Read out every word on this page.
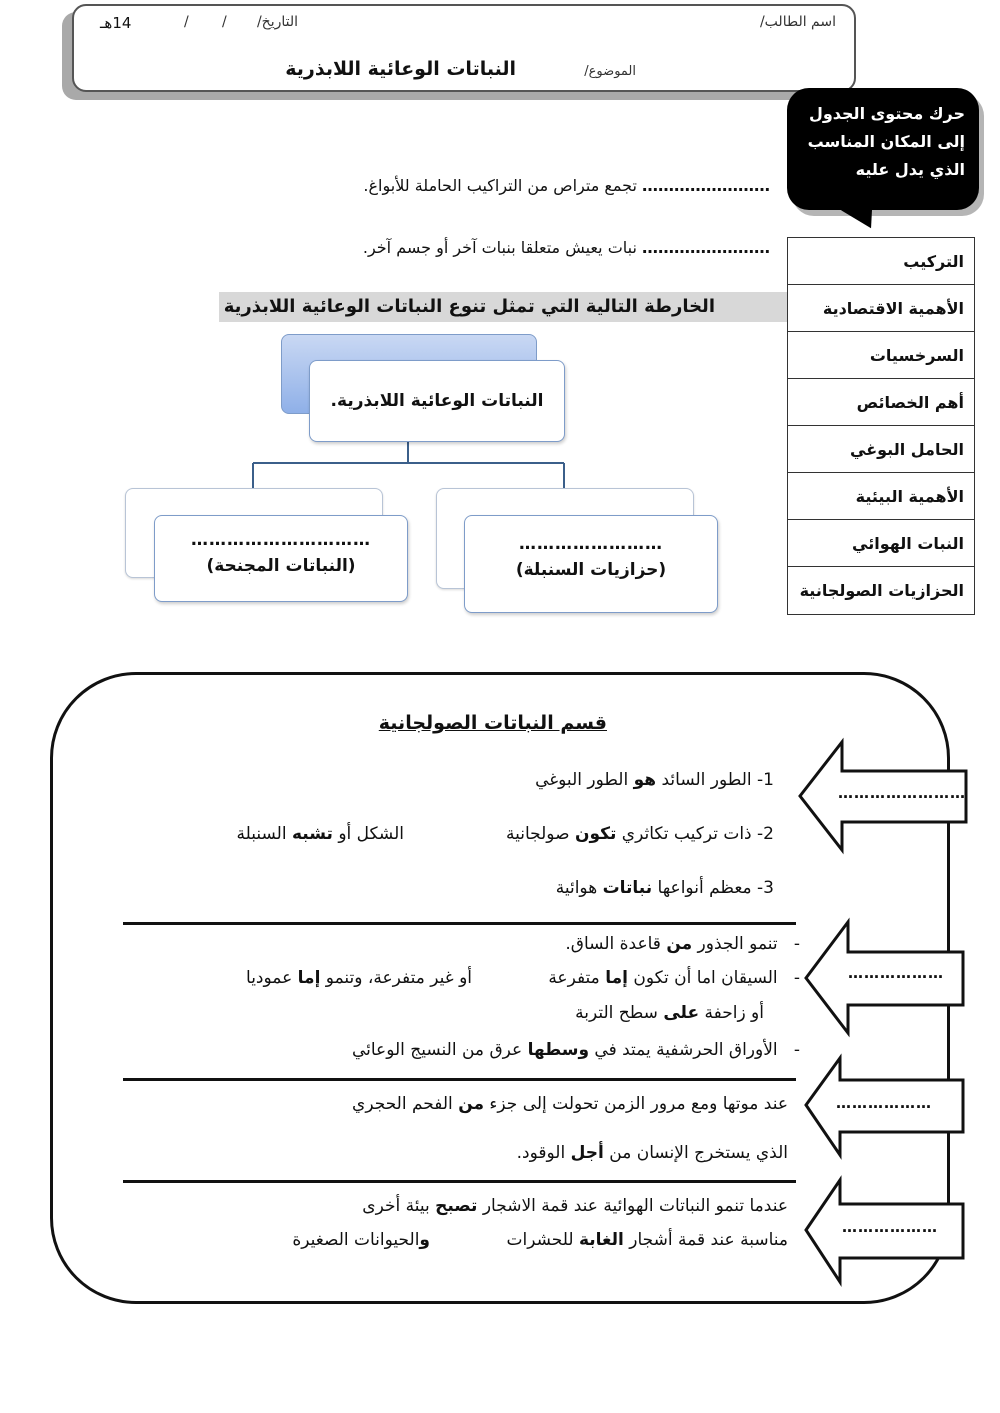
اسم الطالب/
التاريخ/
/
/
14هـ
الموضوع/
النباتات الوعائية اللابذرية
حرك محتوى الجدول
إلى المكان المناسب
الذي يدل عليه
التركيب
الأهمية الاقتصادية
السرخسيات
أهم الخصائص
الحامل البوغي
الأهمية البيئية
النبات الهوائي
الحزازيات الصولجانية
…………………… تجمع متراص من التراكيب الحاملة للأبواغ.
…………………… نبات يعيش متعلقا بنبات آخر أو جسم آخر.
الخارطة التالية التي تمثل تنوع النباتات الوعائية اللابذرية
النباتات الوعائية اللابذرية.
…………………………
(النباتات المجنحة)
……………………
(حزازيات السنبلة)
قسم النباتات الصولجانية
……………………
………………
………………
………………
1- الطور السائد هو الطور البوغي
2- ذات تركيب تكاثري تكون صولجانية
الشكل أو تشبه السنبلة
3- معظم أنواعها نباتات هوائية
-   تنمو الجذور من قاعدة الساق.
-   السيقان اما أن تكون إما متفرعة
أو غير متفرعة، وتنمو إما عموديا
أو زاحفة على سطح التربة
-   الأوراق الحرشفية يمتد في وسطها عرق من النسيج الوعائي
عند موتها ومع مرور الزمن تحولت إلى جزء من الفحم الحجري
الذي يستخرج الإنسان من أجل الوقود.
عندما تنمو النباتات الهوائية عند قمة الاشجار تصبح بيئة أخرى
مناسبة عند قمة أشجار الغابة للحشرات
والحيوانات الصغيرة
